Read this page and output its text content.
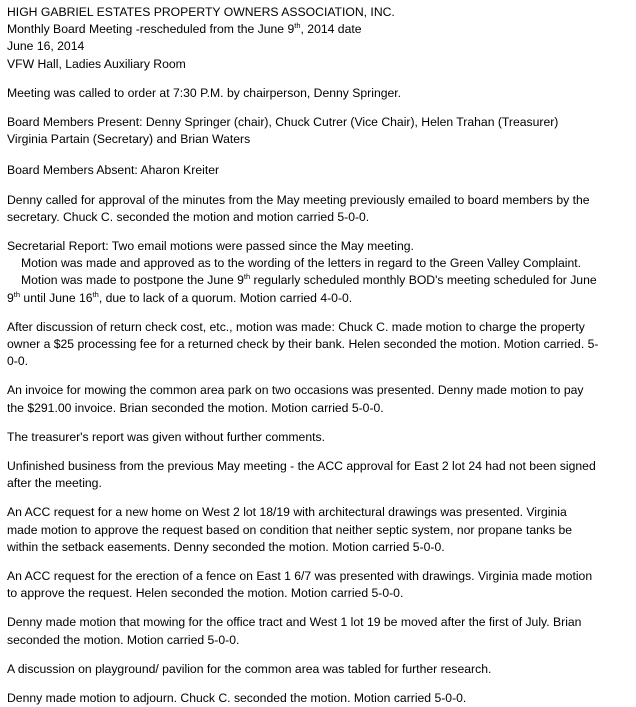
HIGH GABRIEL ESTATES PROPERTY OWNERS ASSOCIATION, INC.
Monthly Board Meeting -rescheduled from the June 9th, 2014 date
June 16, 2014
VFW Hall, Ladies Auxiliary Room
Meeting was called to order at 7:30 P.M. by chairperson, Denny Springer.
Board Members Present: Denny Springer (chair), Chuck Cutrer (Vice Chair), Helen Trahan (Treasurer)
Virginia Partain (Secretary) and Brian Waters
Board Members Absent: Aharon Kreiter
Denny called for approval of the minutes from the May meeting previously emailed to board members by the
secretary. Chuck C. seconded the motion and motion carried 5-0-0.
Secretarial Report: Two email motions were passed since the May meeting.
Motion was made and approved as to the wording of the letters in regard to the Green Valley Complaint.
Motion was made to postpone the June 9th regularly scheduled monthly BOD's meeting scheduled for June
9th until June 16th, due to lack of a quorum. Motion carried 4-0-0.
After discussion of return check cost, etc., motion was made: Chuck C. made motion to charge the property
owner a $25 processing fee for a returned check by their bank. Helen seconded the motion. Motion carried. 5-
0-0.
An invoice for mowing the common area park on two occasions was presented. Denny made motion to pay
the $291.00 invoice. Brian seconded the motion. Motion carried 5-0-0.
The treasurer's report was given without further comments.
Unfinished business from the previous May meeting - the ACC approval for East 2 lot 24 had not been signed
after the meeting.
An ACC request for a new home on West 2 lot 18/19 with architectural drawings was presented. Virginia
made motion to approve the request based on condition that neither septic system, nor propane tanks be
within the setback easements. Denny seconded the motion. Motion carried 5-0-0.
An ACC request for the erection of a fence on East 1 6/7 was presented with drawings. Virginia made motion
to approve the request. Helen seconded the motion. Motion carried 5-0-0.
Denny made motion that mowing for the office tract and West 1 lot 19 be moved after the first of July. Brian
seconded the motion. Motion carried 5-0-0.
A discussion on playground/ pavilion for the common area was tabled for further research.
Denny made motion to adjourn. Chuck C. seconded the motion. Motion carried 5-0-0.
